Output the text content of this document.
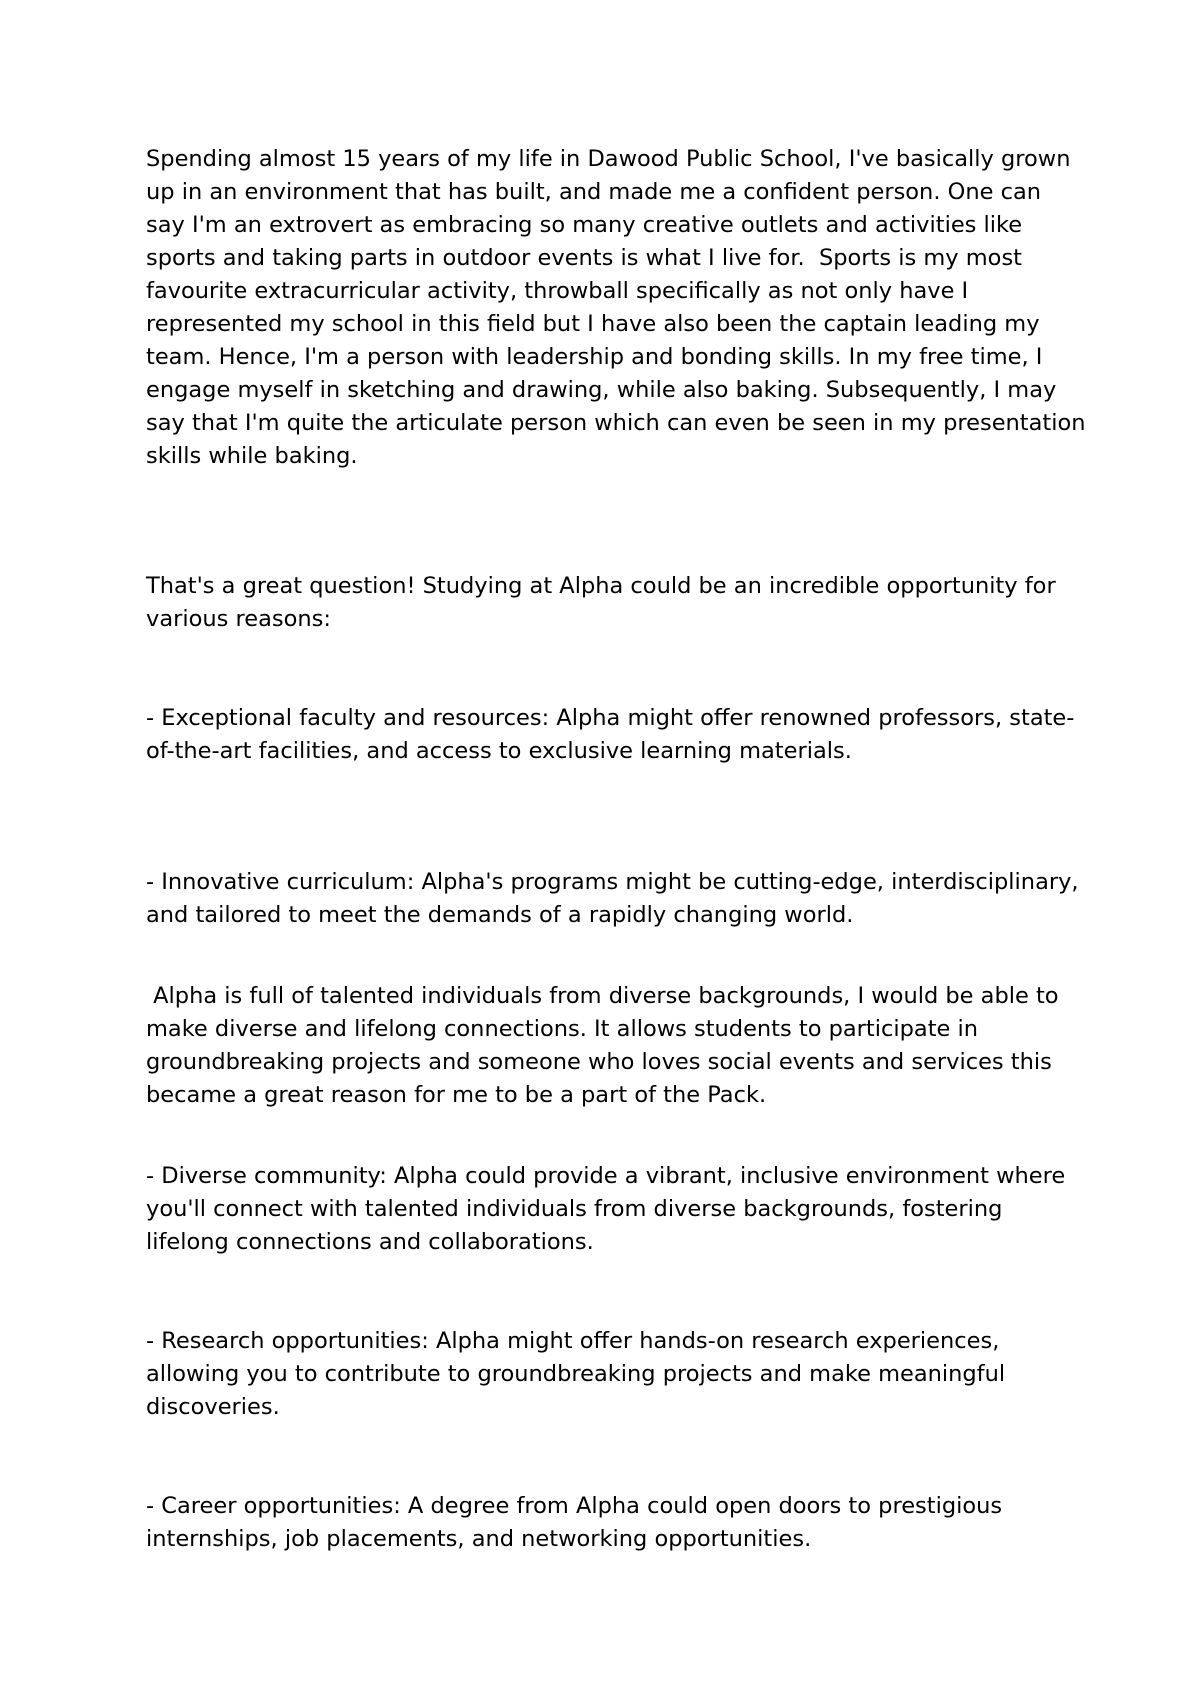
Spending almost 15 years of my life in Dawood Public School, I've basically grown up in an environment that has built, and made me a confident person. One can say I'm an extrovert as embracing so many creative outlets and activities like sports and taking parts in outdoor events is what I live for.  Sports is my most favourite extracurricular activity, throwball specifically as not only have I represented my school in this field but I have also been the captain leading my team. Hence, I'm a person with leadership and bonding skills. In my free time, I engage myself in sketching and drawing, while also baking. Subsequently, I may say that I'm quite the articulate person which can even be seen in my presentation skills while baking.

That's a great question! Studying at Alpha could be an incredible opportunity for various reasons:

- Exceptional faculty and resources: Alpha might offer renowned professors, state-of-the-art facilities, and access to exclusive learning materials.

- Innovative curriculum: Alpha's programs might be cutting-edge, interdisciplinary, and tailored to meet the demands of a rapidly changing world.

Alpha is full of talented individuals from diverse backgrounds, I would be able to make diverse and lifelong connections. It allows students to participate in groundbreaking projects and someone who loves social events and services this became a great reason for me to be a part of the Pack.

- Diverse community: Alpha could provide a vibrant, inclusive environment where you'll connect with talented individuals from diverse backgrounds, fostering lifelong connections and collaborations.

- Research opportunities: Alpha might offer hands-on research experiences, allowing you to contribute to groundbreaking projects and make meaningful discoveries.

- Career opportunities: A degree from Alpha could open doors to prestigious internships, job placements, and networking opportunities.
